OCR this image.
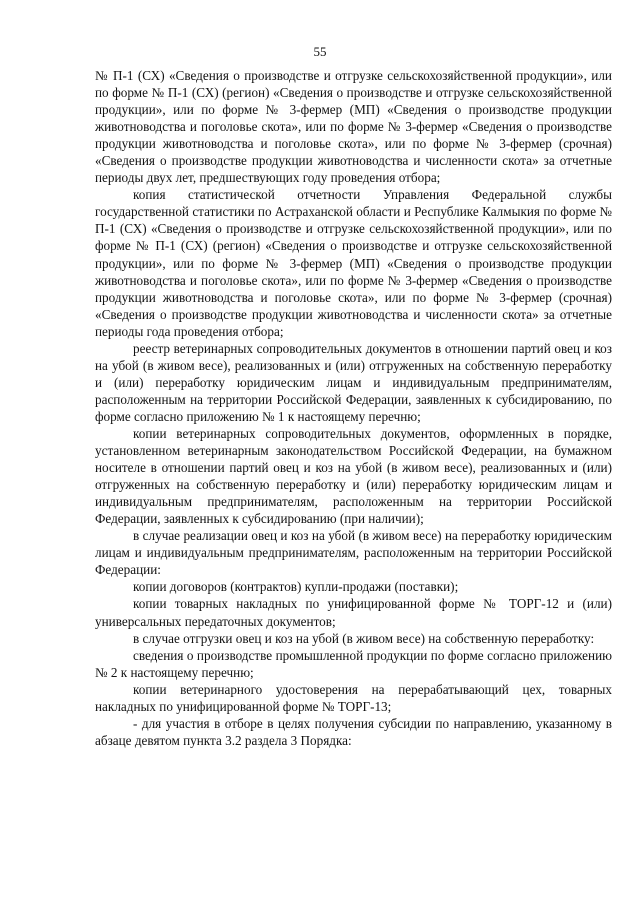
55

№ П-1 (СХ) «Сведения о производстве и отгрузке сельскохозяйственной продукции», или по форме № П-1 (СХ) (регион) «Сведения о производстве и отгрузке сельскохозяйственной продукции», или по форме № 3-фермер (МП) «Сведения о производстве продукции животноводства и поголовье скота», или по форме № 3-фермер «Сведения о производстве продукции животноводства и поголовье скота», или по форме № 3-фермер (срочная) «Сведения о производстве продукции животноводства и численности скота» за отчетные периоды двух лет, предшествующих году проведения отбора;

копия статистической отчетности Управления Федеральной службы государственной статистики по Астраханской области и Республике Калмыкия по форме № П-1 (СХ) «Сведения о производстве и отгрузке сельскохозяйственной продукции», или по форме № П-1 (СХ) (регион) «Сведения о производстве и отгрузке сельскохозяйственной продукции», или по форме № 3-фермер (МП) «Сведения о производстве продукции животноводства и поголовье скота», или по форме № 3-фермер «Сведения о производстве продукции животноводства и поголовье скота», или по форме № 3-фермер (срочная) «Сведения о производстве продукции животноводства и численности скота» за отчетные периоды года проведения отбора;

реестр ветеринарных сопроводительных документов в отношении партий овец и коз на убой (в живом весе), реализованных и (или) отгруженных на собственную переработку и (или) переработку юридическим лицам и индивидуальным предпринимателям, расположенным на территории Российской Федерации, заявленных к субсидированию, по форме согласно приложению № 1 к настоящему перечню;

копии ветеринарных сопроводительных документов, оформленных в порядке, установленном ветеринарным законодательством Российской Федерации, на бумажном носителе в отношении партий овец и коз на убой (в живом весе), реализованных и (или) отгруженных на собственную переработку и (или) переработку юридическим лицам и индивидуальным предпринимателям, расположенным на территории Российской Федерации, заявленных к субсидированию (при наличии);

в случае реализации овец и коз на убой (в живом весе) на переработку юридическим лицам и индивидуальным предпринимателям, расположенным на территории Российской Федерации:

копии договоров (контрактов) купли-продажи (поставки);

копии товарных накладных по унифицированной форме № ТОРГ-12 и (или) универсальных передаточных документов;

в случае отгрузки овец и коз на убой (в живом весе) на собственную переработку:

сведения о производстве промышленной продукции по форме согласно приложению № 2 к настоящему перечню;

копии ветеринарного удостоверения на перерабатывающий цех, товарных накладных по унифицированной форме № ТОРГ-13;

- для участия в отборе в целях получения субсидии по направлению, указанному в абзаце девятом пункта 3.2 раздела 3 Порядка:
